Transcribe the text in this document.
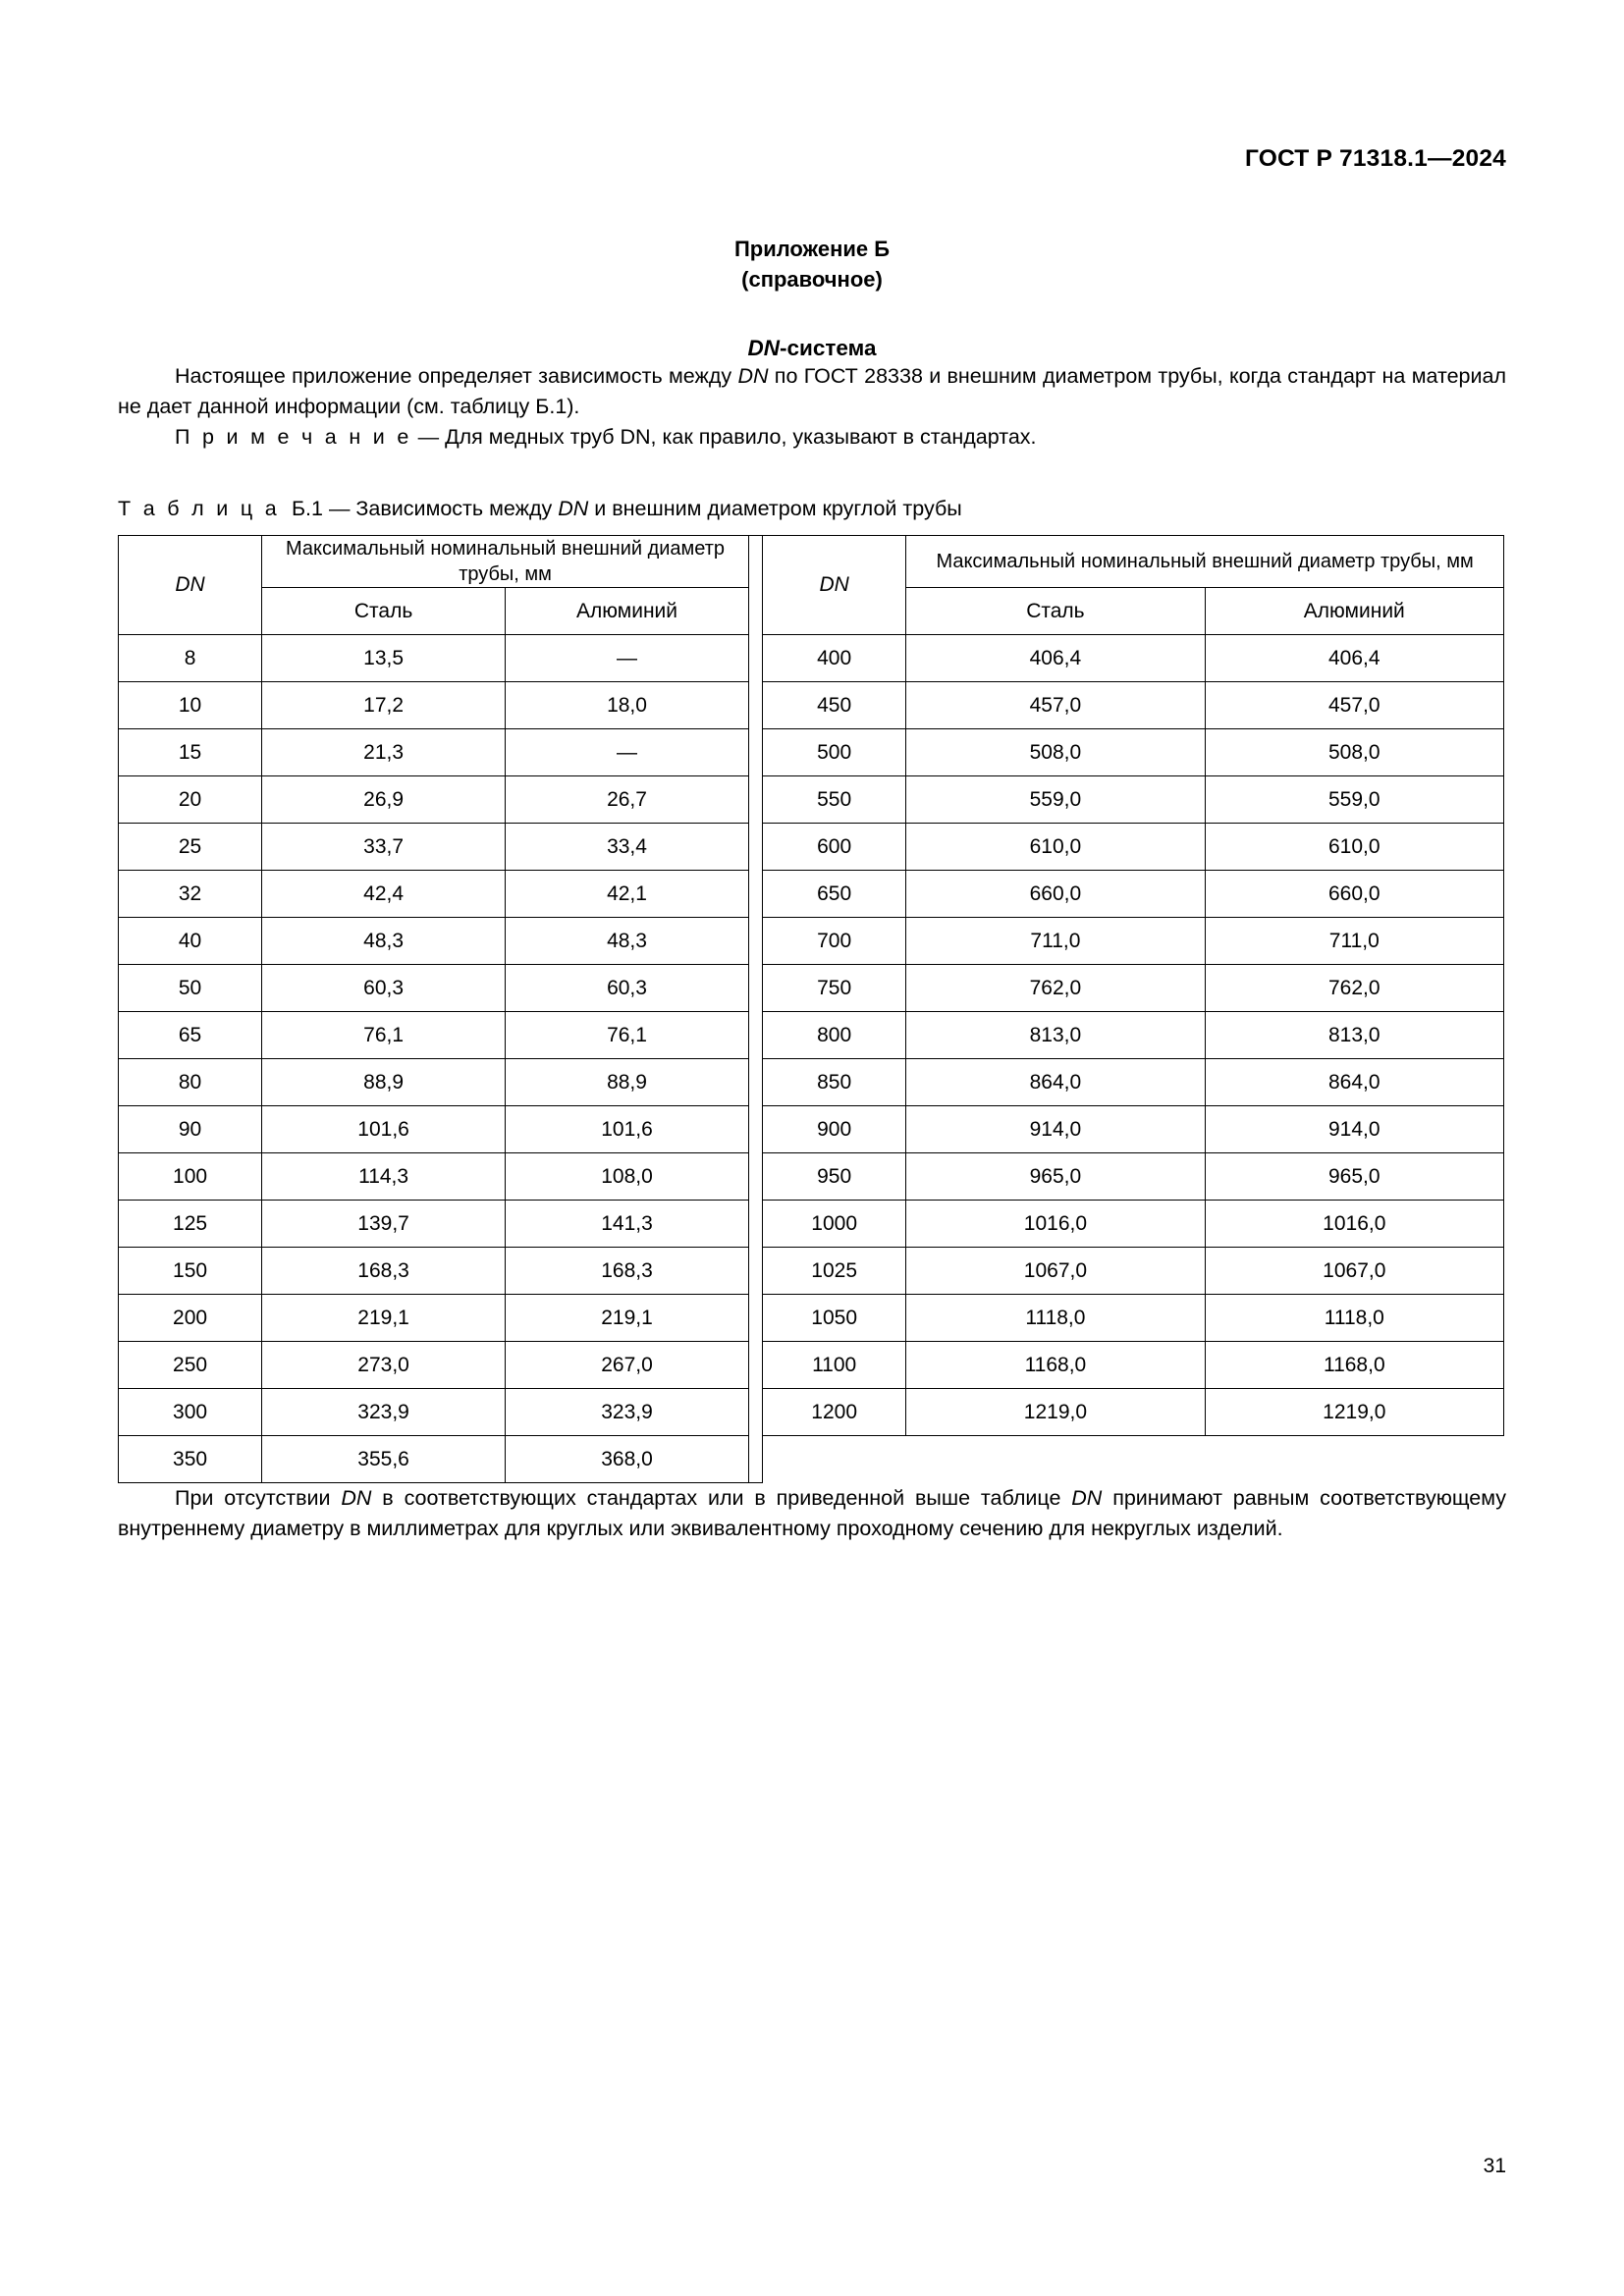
ГОСТ Р 71318.1—2024
Приложение Б
(справочное)
DN-система

Настоящее приложение определяет зависимость между DN по ГОСТ 28338 и внешним диаметром трубы, когда стандарт на материал не дает данной информации (см. таблицу Б.1).

П р и м е ч а н и е — Для медных труб DN, как правило, указывают в стандартах.

Т а б л и ц а Б.1 — Зависимость между DN и внешним диаметром круглой трубы
DN	Максимальный номинальный внешний диаметр трубы, мм			DN	Максимальный номинальный внешний диаметр трубы, мм	
	Сталь	Алюминий			Сталь	Алюминий
8	13,5	—		400	406,4	406,4
10	17,2	18,0		450	457,0	457,0
15	21,3	—		500	508,0	508,0
20	26,9	26,7		550	559,0	559,0
25	33,7	33,4		600	610,0	610,0
32	42,4	42,1		650	660,0	660,0
40	48,3	48,3		700	711,0	711,0
50	60,3	60,3		750	762,0	762,0
65	76,1	76,1		800	813,0	813,0
80	88,9	88,9		850	864,0	864,0
90	101,6	101,6		900	914,0	914,0
100	114,3	108,0		950	965,0	965,0
125	139,7	141,3		1000	1016,0	1016,0
150	168,3	168,3		1025	1067,0	1067,0
200	219,1	219,1		1050	1118,0	1118,0
250	273,0	267,0		1100	1168,0	1168,0
300	323,9	323,9		1200	1219,0	1219,0
350	355,6	368,0				

При отсутствии DN в соответствующих стандартах или в приведенной выше таблице DN принимают равным соответствующему внутреннему диаметру в миллиметрах для круглых или эквивалентному проходному сечению для некруглых изделий.

31
